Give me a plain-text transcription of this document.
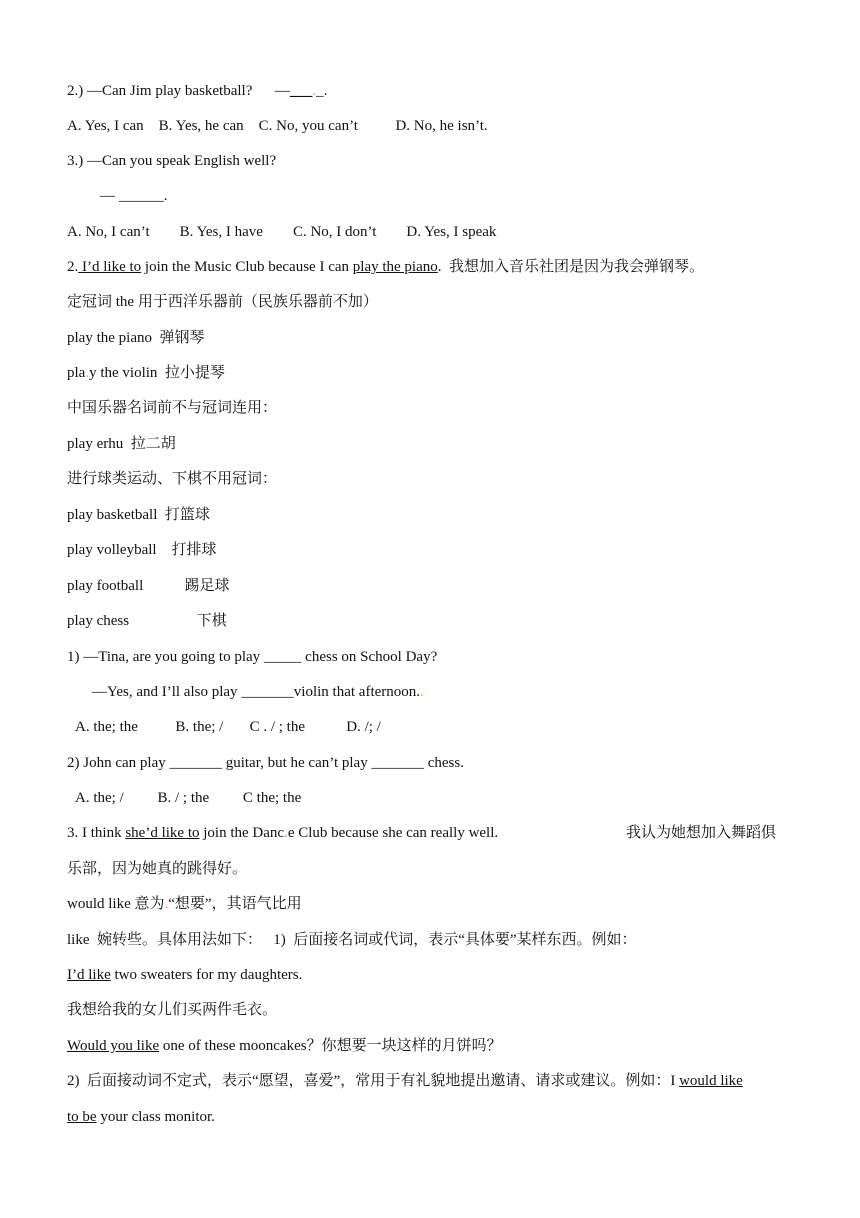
2.) —Can Jim play basketball?      —___._.
A. Yes, I can    B. Yes, he can    C. No, you can’t          D. No, he isn’t.
3.) —Can you speak English well?
— ______.
A. No, I can’t        B. Yes, I have        C. No, I don’t        D. Yes, I speak
2. I’d like to join the Music Club because I can play the piano.  我想加入音乐社团是因为我会弹钢琴。
定冠词 the 用于西洋乐器前（民族乐器前不加）
play the piano  弹钢琴
pla.y the violin  拉小提琴
中国乐器名词前不与冠词连用：
play erhu  拉二胡
进行球类运动、下棋不用冠词：
play basketball  打篮球
play volleyball    打排球
play football           踢足球
play chess                  下棋
1) —Tina, are you going to play _____ chess on School Day?
—Yes, and I’ll also play _______violin that afternoon..
A. the; the          B. the; /       C . / ; the           D. /; /
2) John can play _______ guitar, but he can’t play _______ chess.
A. the; /         B. / ; the         C the; the
3. I think she’d like to join the Danc.e Club because she can really well.	我认为她想加入舞蹈俱
乐部，因为她真的跳得好。
would like 意为.“想要”，其语气比用
like  婉转些。具体用法如下：   1)  后面接名词或代词，表示“具体要”某样东西。例如：
I’d like two sweaters for my daughters.
我想给我的女儿们买两件毛衣。
Would you like one of these mooncakes？你想要一块这样的月饼吗？
2)  后面接动词不定式，表示“愿望，喜爱”，常用于有礼貌地提出邀请、请求或建议。例如：I would like
to be your class monitor.
